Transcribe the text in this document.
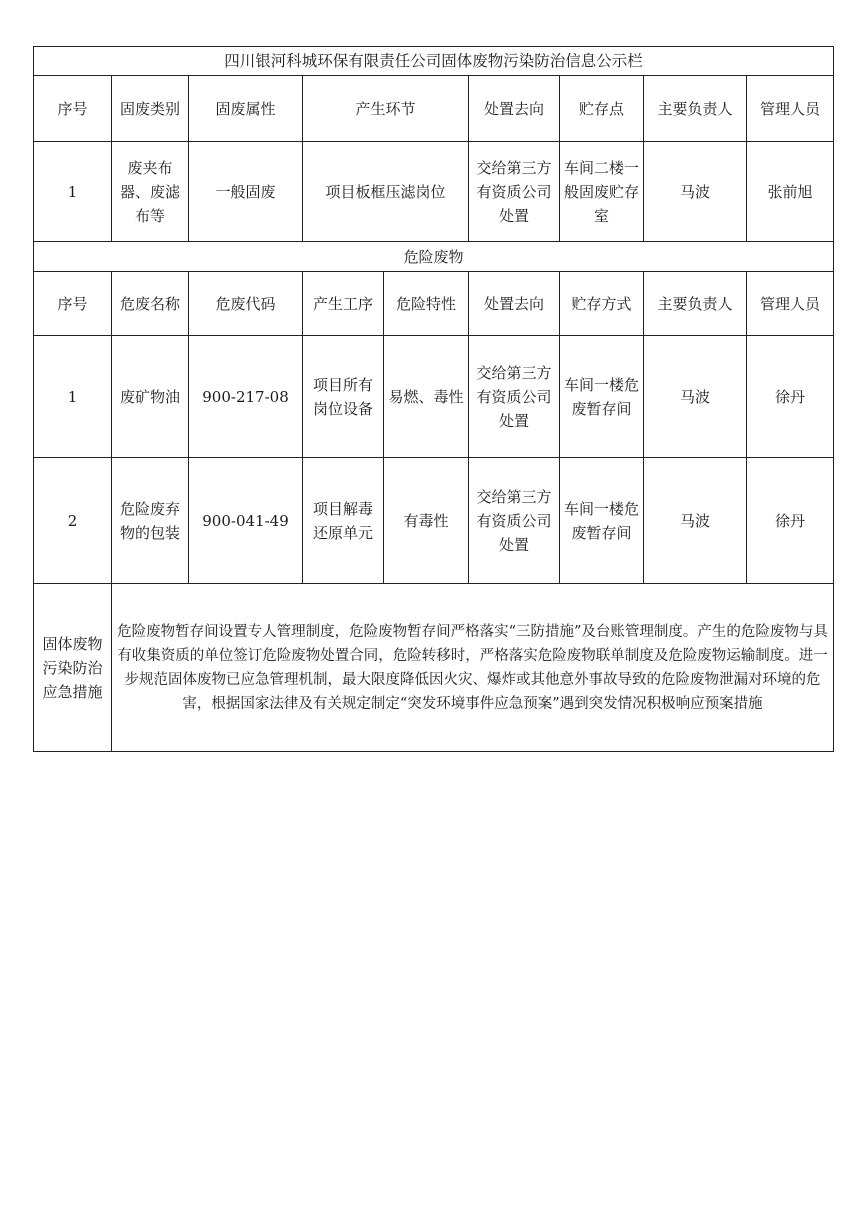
四川银河科城环保有限责任公司固体废物污染防治信息公示栏								
序号	固废类别	固废属性	产生环节		处置去向	贮存点	主要负责人	管理人员
1	废夹布器、废滤布等	一般固废	项目板框压滤岗位		交给第三方有资质公司处置	车间二楼一般固废贮存室	马波	张前旭
危险废物								
序号	危废名称	危废代码	产生工序	危险特性	处置去向	贮存方式	主要负责人	管理人员
1	废矿物油	900-217-08	项目所有岗位设备	易燃、毒性	交给第三方有资质公司处置	车间一楼危废暂存间	马波	徐丹
2	危险废弃物的包装	900-041-49	项目解毒还原单元	有毒性	交给第三方有资质公司处置	车间一楼危废暂存间	马波	徐丹
固体废物污染防治应急措施	危险废物暂存间设置专人管理制度，危险废物暂存间严格落实“三防措施”及台账管理制度。产生的危险废物与具有收集资质的单位签订危险废物处置合同，危险转移时，严格落实危险废物联单制度及危险废物运输制度。进一步规范固体废物已应急管理机制，最大限度降低因火灾、爆炸或其他意外事故导致的危险废物泄漏对环境的危害，根据国家法律及有关规定制定“突发环境事件应急预案”遇到突发情况积极响应预案措施							
